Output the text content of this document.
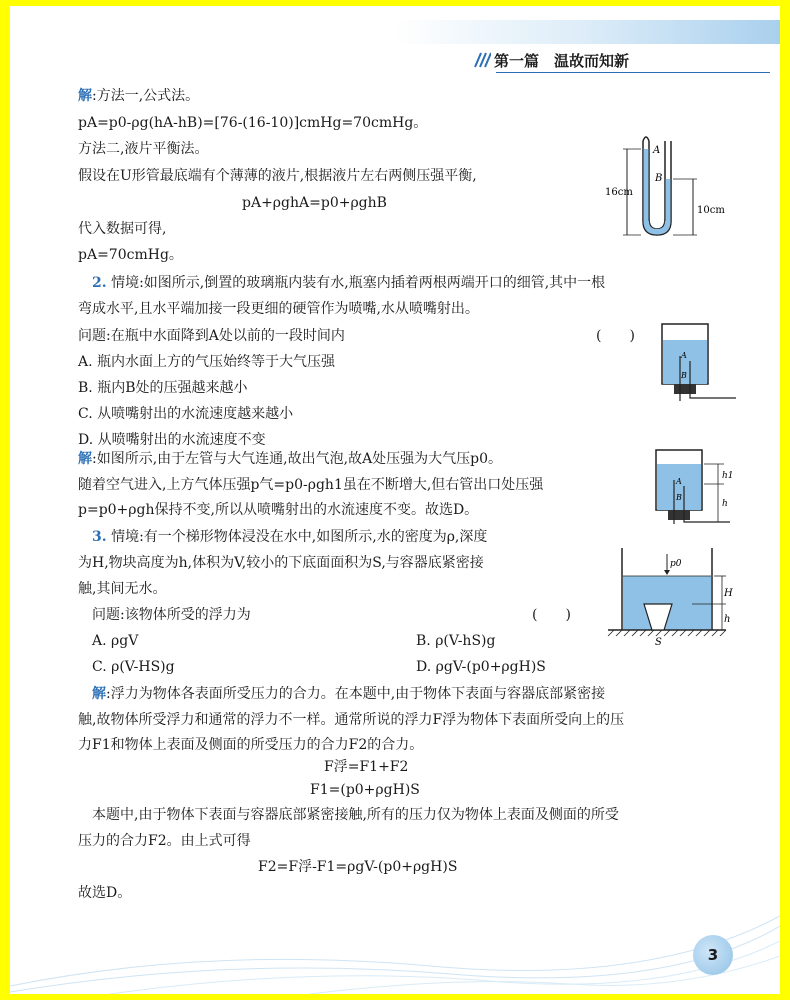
第一篇　温故而知新
解:方法一,公式法。
pA=p0-ρg(hA-hB)=[76-(16-10)]cmHg=70cmHg。
方法二,液片平衡法。
假设在U形管最底端有个薄薄的液片,根据液片左右两侧压强平衡,
pA+ρghA=p0+ρghB
代入数据可得,
pA=70cmHg。
A
B
16cm
10cm
2. 情境:如图所示,倒置的玻璃瓶内装有水,瓶塞内插着两根两端开口的细管,其中一根
弯成水平,且水平端加接一段更细的硬管作为喷嘴,水从喷嘴射出。
问题:在瓶中水面降到A处以前的一段时间内	(　　)
A. 瓶内水面上方的气压始终等于大气压强
B. 瓶内B处的压强越来越小
C. 从喷嘴射出的水流速度越来越小
D. 从喷嘴射出的水流速度不变
A
B
解:如图所示,由于左管与大气连通,故出气泡,故A处压强为大气压p0。
随着空气进入,上方气体压强p气=p0-ρgh1虽在不断增大,但右管出口处压强
p=p0+ρgh保持不变,所以从喷嘴射出的水流速度不变。故选D。
A
B
h1
h
3. 情境:有一个梯形物体浸没在水中,如图所示,水的密度为ρ,深度
为H,物块高度为h,体积为V,较小的下底面面积为S,与容器底紧密接
触,其间无水。
问题:该物体所受的浮力为	(　　)
A. ρgV	B. ρ(V-hS)g
C. ρ(V-HS)g	D. ρgV-(p0+ρgH)S
p0
H
h
S
解:浮力为物体各表面所受压力的合力。在本题中,由于物体下表面与容器底部紧密接
触,故物体所受浮力和通常的浮力不一样。通常所说的浮力F浮为物体下表面所受向上的压
力F1和物体上表面及侧面的所受压力的合力F2的合力。
F浮=F1+F2
F1=(p0+ρgH)S
本题中,由于物体下表面与容器底部紧密接触,所有的压力仅为物体上表面及侧面的所受
压力的合力F2。由上式可得
F2=F浮-F1=ρgV-(p0+ρgH)S
故选D。
3
